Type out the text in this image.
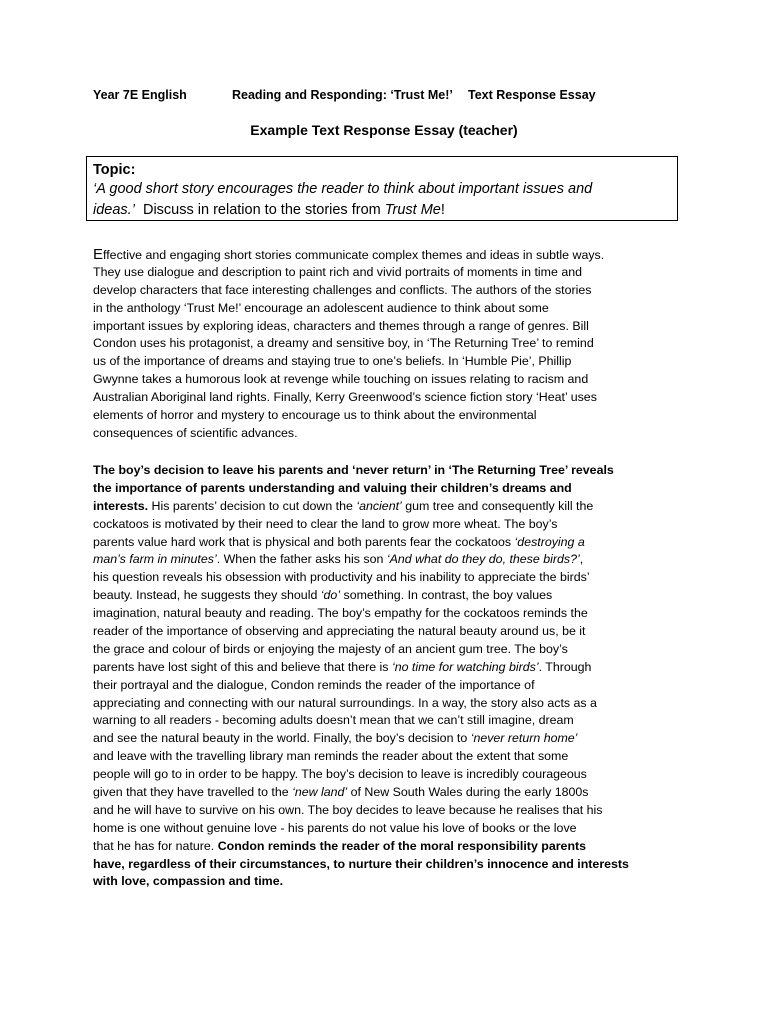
Year 7E English	Reading and Responding: ‘Trust Me!’ Text Response Essay
Example Text Response Essay (teacher)
Topic:
‘A good short story encourages the reader to think about important issues and
ideas.’  Discuss in relation to the stories from Trust Me!
Effective and engaging short stories communicate complex themes and ideas in subtle ways.
They use dialogue and description to paint rich and vivid portraits of moments in time and
develop characters that face interesting challenges and conflicts. The authors of the stories
in the anthology ‘Trust Me!’ encourage an adolescent audience to think about some
important issues by exploring ideas, characters and themes through a range of genres. Bill
Condon uses his protagonist, a dreamy and sensitive boy, in ‘The Returning Tree’ to remind
us of the importance of dreams and staying true to one’s beliefs. In ‘Humble Pie’, Phillip
Gwynne takes a humorous look at revenge while touching on issues relating to racism and
Australian Aboriginal land rights. Finally, Kerry Greenwood’s science fiction story ‘Heat’ uses
elements of horror and mystery to encourage us to think about the environmental
consequences of scientific advances.
The boy’s decision to leave his parents and ‘never return’ in ‘The Returning Tree’ reveals
the importance of parents understanding and valuing their children’s dreams and
interests. His parents’ decision to cut down the ‘ancient’ gum tree and consequently kill the
cockatoos is motivated by their need to clear the land to grow more wheat. The boy’s
parents value hard work that is physical and both parents fear the cockatoos ‘destroying a
man’s farm in minutes’. When the father asks his son ‘And what do they do, these birds?’,
his question reveals his obsession with productivity and his inability to appreciate the birds’
beauty. Instead, he suggests they should ‘do’ something. In contrast, the boy values
imagination, natural beauty and reading. The boy’s empathy for the cockatoos reminds the
reader of the importance of observing and appreciating the natural beauty around us, be it
the grace and colour of birds or enjoying the majesty of an ancient gum tree. The boy’s
parents have lost sight of this and believe that there is ‘no time for watching birds’. Through
their portrayal and the dialogue, Condon reminds the reader of the importance of
appreciating and connecting with our natural surroundings. In a way, the story also acts as a
warning to all readers - becoming adults doesn’t mean that we can’t still imagine, dream
and see the natural beauty in the world. Finally, the boy’s decision to ‘never return home’
and leave with the travelling library man reminds the reader about the extent that some
people will go to in order to be happy. The boy’s decision to leave is incredibly courageous
given that they have travelled to the ‘new land’ of New South Wales during the early 1800s
and he will have to survive on his own. The boy decides to leave because he realises that his
home is one without genuine love - his parents do not value his love of books or the love
that he has for nature. Condon reminds the reader of the moral responsibility parents
have, regardless of their circumstances, to nurture their children’s innocence and interests
with love, compassion and time.
